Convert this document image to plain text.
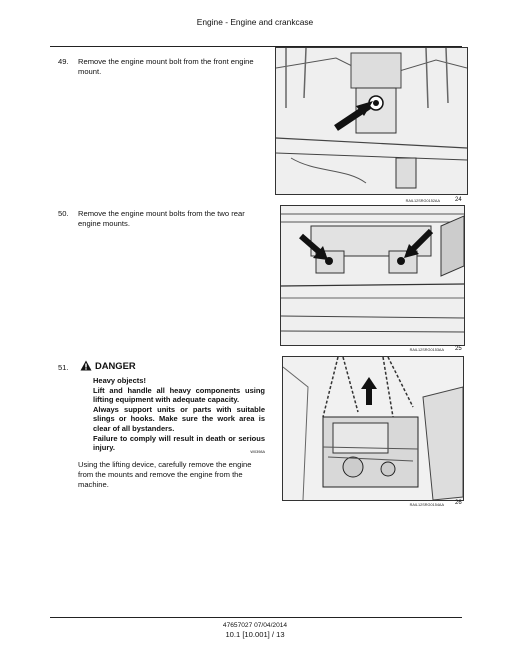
Engine - Engine and crankcase
49. Remove the engine mount bolt from the front engine mount.
RAIL12SRG0152AA	24
50. Remove the engine mount bolts from the two rear engine mounts.
RAIL12SRG0153AA 25
51.	DANGER
Heavy objects!
Lift and handle all heavy components using lifting equipment with adequate capacity.
Always support units or parts with suitable slings or hooks. Make sure the work area is clear of all bystanders.
Failure to comply will result in death or serious injury.	W0398A
Using the lifting device, carefully remove the engine from the mounts and remove the engine from the machine.
RAIL12SRG0154AA 26
47657027 07/04/2014
10.1 [10.001] / 13
